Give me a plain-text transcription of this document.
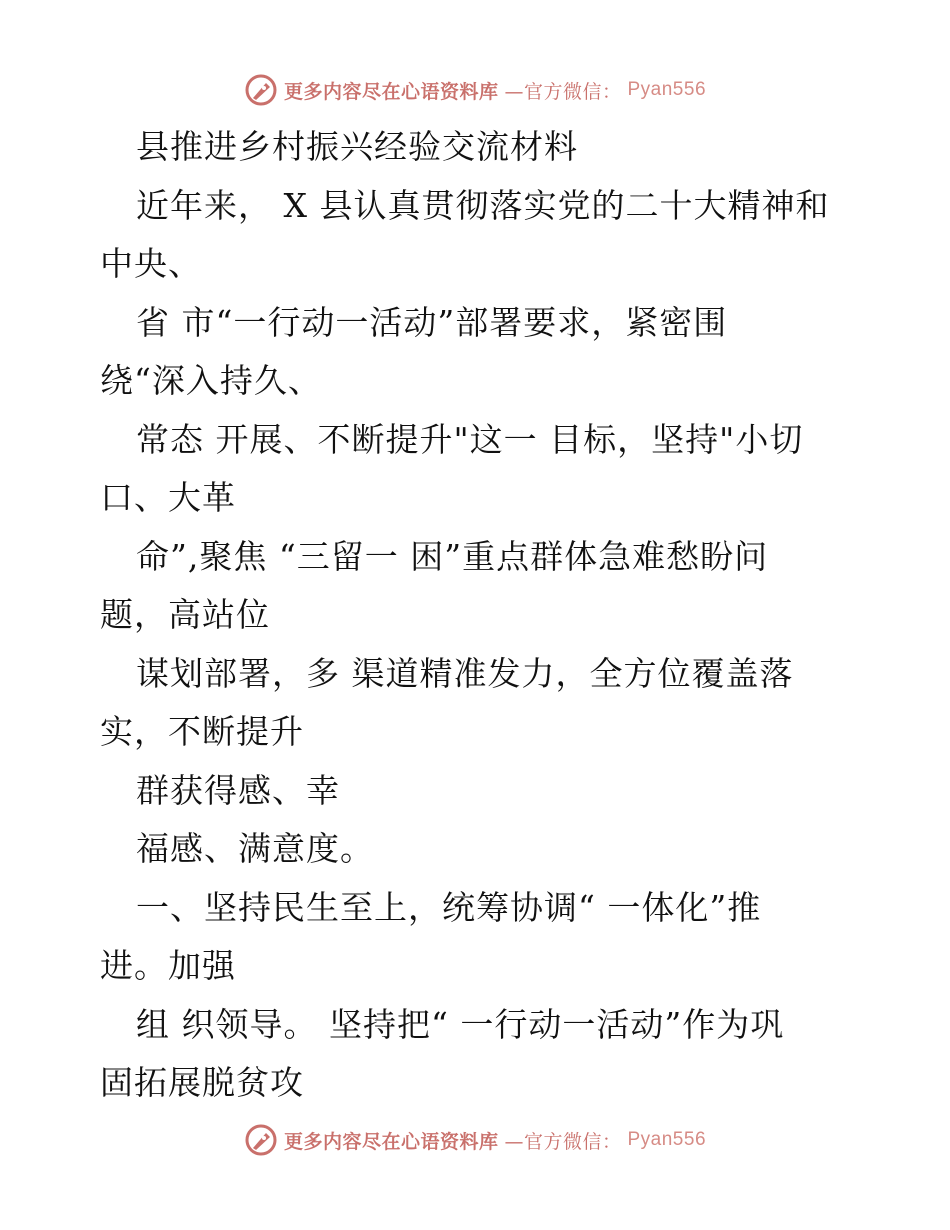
更多内容尽在心语资料库 —官方微信： Pyan556
县推进乡村振兴经验交流材料
近年来， X 县认真贯彻落实党的二十大精神和
中央、
省 市“一行动一活动”部署要求，紧密围
绕“深入持久、
常态 开展、不断提升"这一 目标，坚持"小切
口、大革
命”,聚焦 “三留一 困”重点群体急难愁盼问
题，高站位
谋划部署，多 渠道精准发力，全方位覆盖落
实，不断提升
群获得感、幸
福感、满意度。
一、坚持民生至上，统筹协调“ 一体化”推
进。加强
组 织领导。 坚持把“ 一行动一活动”作为巩
固拓展脱贫攻
更多内容尽在心语资料库 —官方微信： Pyan556
